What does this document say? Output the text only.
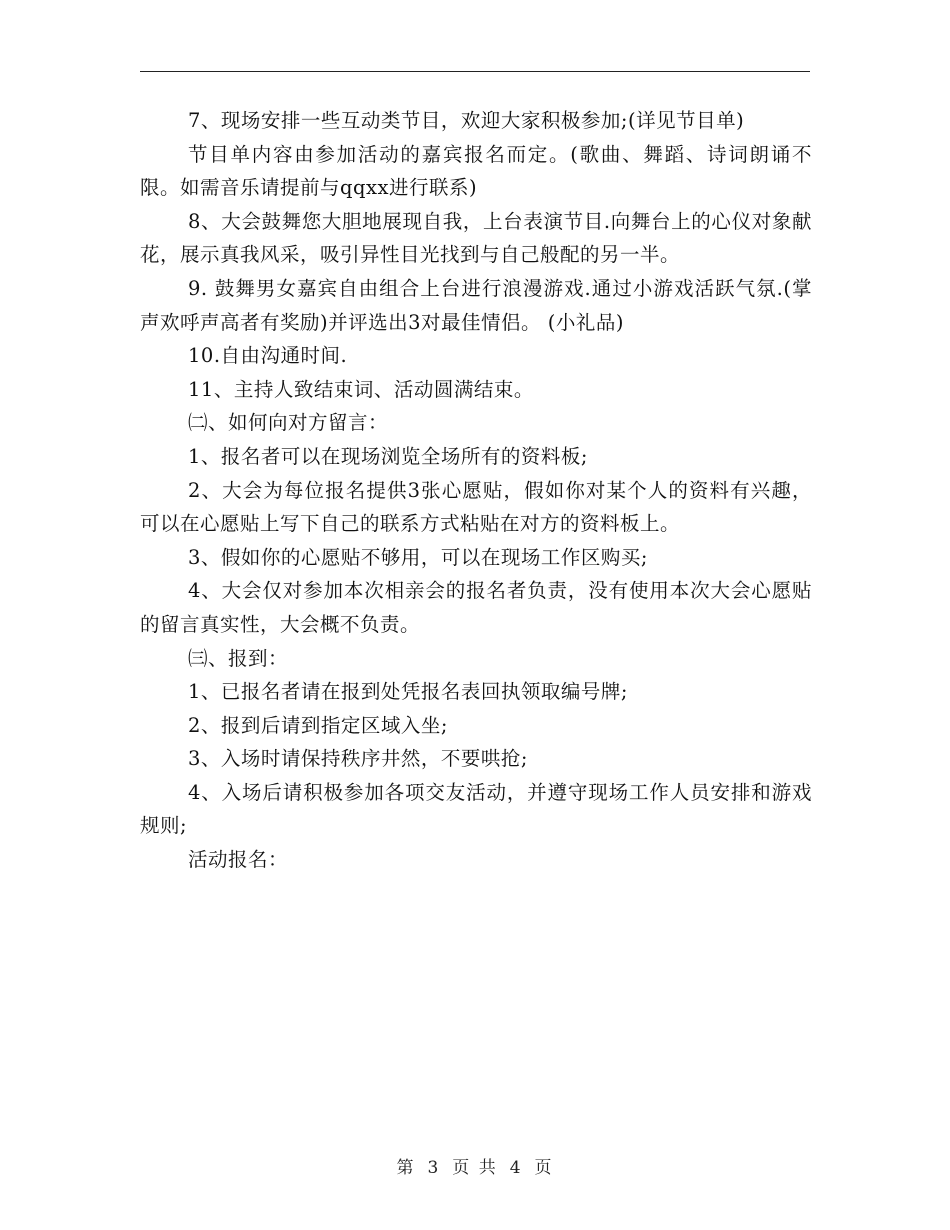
7、现场安排一些互动类节目，欢迎大家积极参加;(详见节目单)

节目单内容由参加活动的嘉宾报名而定。(歌曲、舞蹈、诗词朗诵不限。如需音乐请提前与qqxx进行联系)

8、大会鼓舞您大胆地展现自我，上台表演节目.向舞台上的心仪对象献花，展示真我风采，吸引异性目光找到与自己般配的另一半。

9. 鼓舞男女嘉宾自由组合上台进行浪漫游戏.通过小游戏活跃气氛.(掌声欢呼声高者有奖励)并评选出3对最佳情侣。 (小礼品)

10.自由沟通时间.

11、主持人致结束词、活动圆满结束。

㈡、如何向对方留言：

1、报名者可以在现场浏览全场所有的资料板;

2、大会为每位报名提供3张心愿贴，假如你对某个人的资料有兴趣，可以在心愿贴上写下自己的联系方式粘贴在对方的资料板上。

3、假如你的心愿贴不够用，可以在现场工作区购买;

4、大会仅对参加本次相亲会的报名者负责，没有使用本次大会心愿贴的留言真实性，大会概不负责。

㈢、报到：

1、已报名者请在报到处凭报名表回执领取编号牌;

2、报到后请到指定区域入坐;

3、入场时请保持秩序井然，不要哄抢;

4、入场后请积极参加各项交友活动，并遵守现场工作人员安排和游戏规则;

活动报名：

第 3 页 共 4 页
